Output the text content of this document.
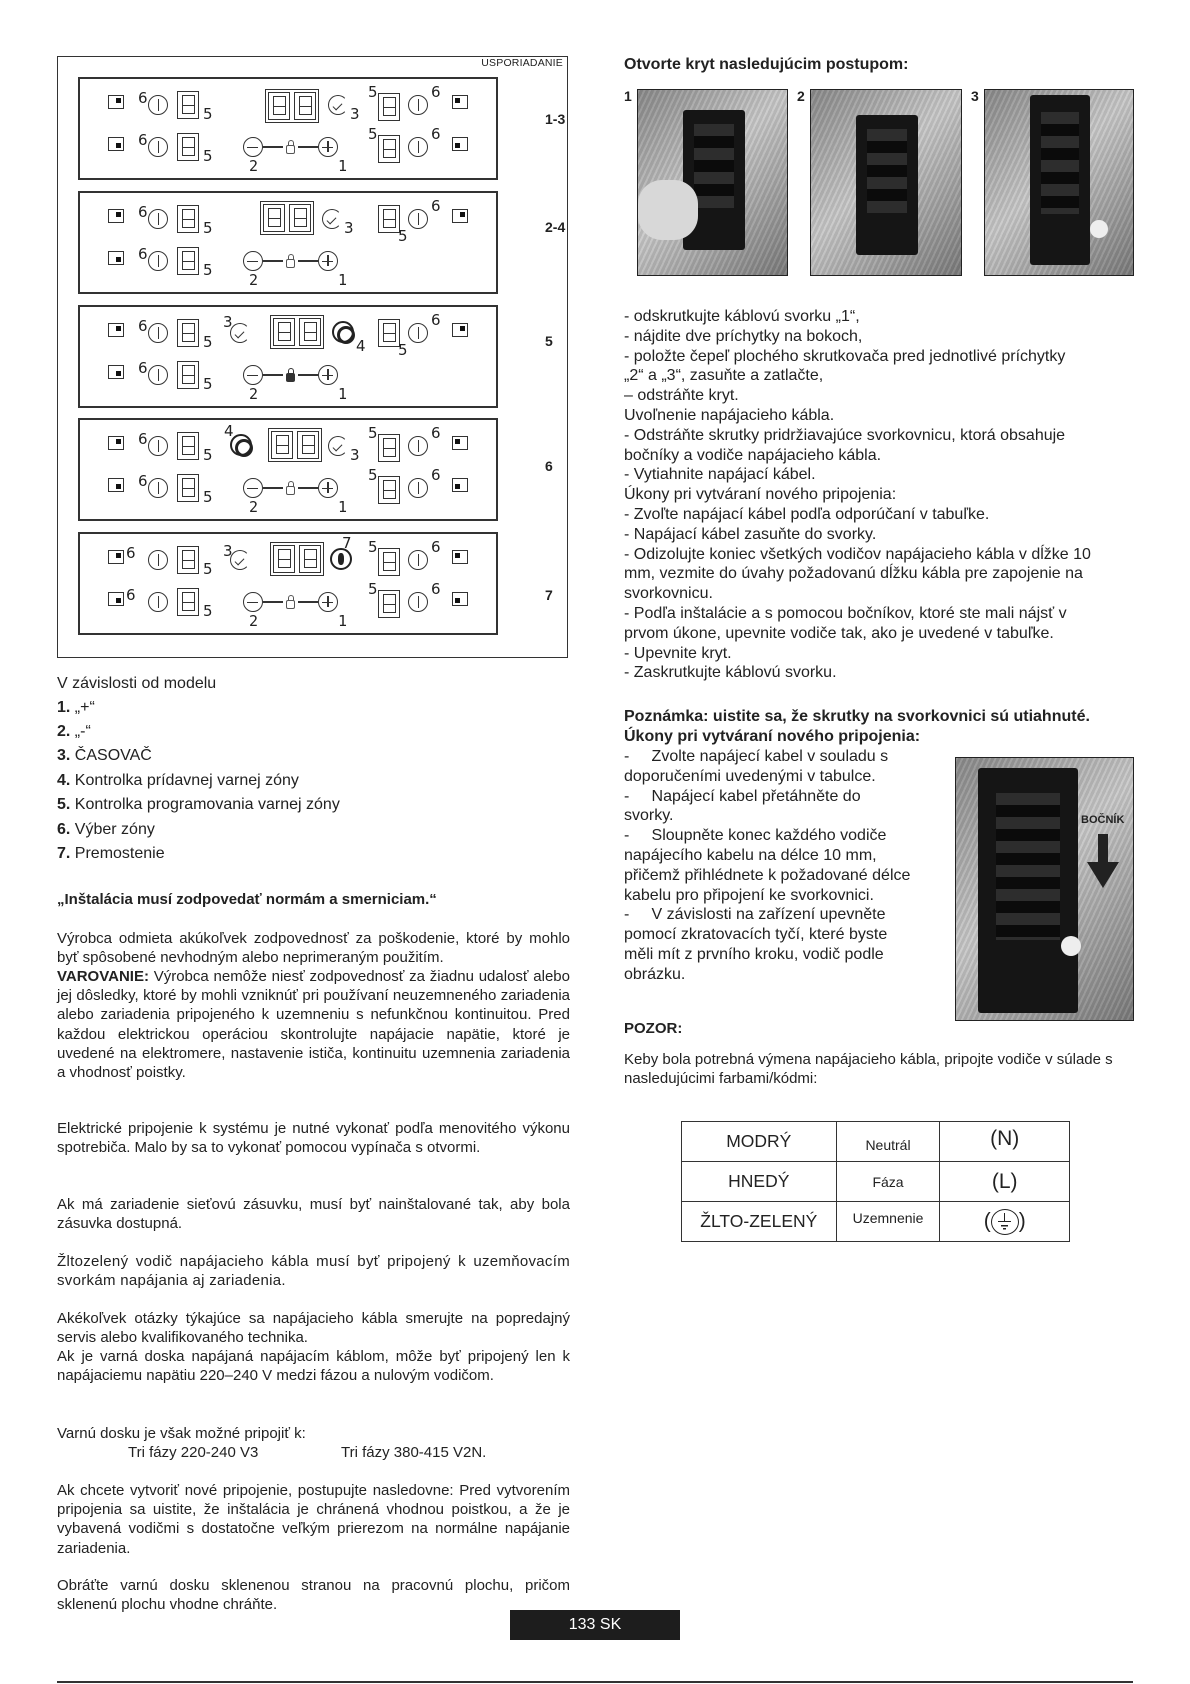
USPORIADANIE
6
5	3
5	6
6
5
2	1
5	6
1-3
6
5	3	5
6
6
5
2	1
2-4
6
5
3
4 5
6
6
5
2	1
5
6
5
4
3
5	6
6
5
2	1
5	6	6
6
5
3	7 5	6
6
5
2	1
5	6	7
V závislosti od modelu
1. „+“
2. „-“
3. ČASOVAČ
4. Kontrolka prídavnej varnej zóny
5. Kontrolka programovania varnej zóny
6. Výber zóny
7. Premostenie
„Inštalácia musí zodpovedať normám a smerniciam.“
Výrobca odmieta akúkoľvek zodpovednosť za poškodenie, ktoré by mohlo byť spôsobené nevhodným alebo neprimeraným použitím.
VAROVANIE: Výrobca nemôže niesť zodpovednosť za žiadnu udalosť alebo jej dôsledky, ktoré by mohli vzniknúť pri používaní neuzemneného zariadenia alebo zariadenia pripojeného k uzemneniu s nefunkčnou kontinuitou. Pred každou elektrickou operáciou skontrolujte napájacie napätie, ktoré je uvedené na elektromere, nastavenie ističa, kontinuitu uzemnenia zariadenia a vhodnosť poistky.
Elektrické pripojenie k systému je nutné vykonať podľa menovitého výkonu spotrebiča. Malo by sa to vykonať pomocou vypínača s otvormi.
Ak má zariadenie sieťovú zásuvku, musí byť nainštalované tak, aby bola zásuvka dostupná.
Žltozelený vodič napájacieho kábla musí byť pripojený k uzemňovacím svorkám napájania aj zariadenia.
Akékoľvek otázky týkajúce sa napájacieho kábla smerujte na popredajný servis alebo kvalifikovaného technika.
Ak je varná doska napájaná napájacím káblom, môže byť pripojený len k napájaciemu napätiu 220–240 V medzi fázou a nulovým vodičom.
Varnú dosku je však možné pripojiť k:
Tri fázy 220-240 V3	Tri fázy 380-415 V2N.
Ak chcete vytvoriť nové pripojenie, postupujte nasledovne: Pred vytvorením pripojenia sa uistite, že inštalácia je chránená vhodnou poistkou, a že je vybavená vodičmi s dostatočne veľkým prierezom na normálne napájanie zariadenia.
Obráťte varnú dosku sklenenou stranou na pracovnú plochu, pričom sklenenú plochu vhodne chráňte.
Otvorte kryt nasledujúcim postupom:
1	2	3
- odskrutkujte káblovú svorku „1“,
- nájdite dve príchytky na bokoch,
- položte čepeľ plochého skrutkovača pred jednotlivé príchytky
„2“ a „3“, zasuňte a zatlačte,
– odstráňte kryt.
Uvoľnenie napájacieho kábla.
- Odstráňte skrutky pridržiavajúce svorkovnicu, ktorá obsahuje
bočníky a vodiče napájacieho kábla.
- Vytiahnite napájací kábel.
Úkony pri vytváraní nového pripojenia:
- Zvoľte napájací kábel podľa odporúčaní v tabuľke.
- Napájací kábel zasuňte do svorky.
- Odizolujte koniec všetkých vodičov napájacieho kábla v dĺžke 10
mm, vezmite do úvahy požadovanú dĺžku kábla pre zapojenie na
svorkovnicu.
- Podľa inštalácie a s pomocou bočníkov, ktoré ste mali nájsť v
prvom úkone, upevnite vodiče tak, ako je uvedené v tabuľke.
- Upevnite kryt.
- Zaskrutkujte káblovú svorku.
Poznámka: uistite sa, že skrutky na svorkovnici sú utiahnuté.
Úkony pri vytváraní nového pripojenia:
-     Zvolte napájecí kabel v souladu s
doporučeními uvedenými v tabulce.
-     Napájecí kabel přetáhněte do
svorky.
-     Sloupněte konec každého vodiče
napájecího kabelu na délce 10 mm,
přičemž přihlédnete k požadované délce
kabelu pro připojení ke svorkovnici.
-     V závislosti na zařízení upevněte
pomocí zkratovacích tyčí, které byste
měli mít z prvního kroku, vodič podle
obrázku.
BOČNÍK
POZOR:
Keby bola potrebná výmena napájacieho kábla, pripojte vodiče v súlade s nasledujúcimi farbami/kódmi:
MODRÝ	Neutrál	(N)
HNEDÝ	Fáza	(L)
ŽLTO-ZELENÝ	Uzemnenie	( )
133 SK
